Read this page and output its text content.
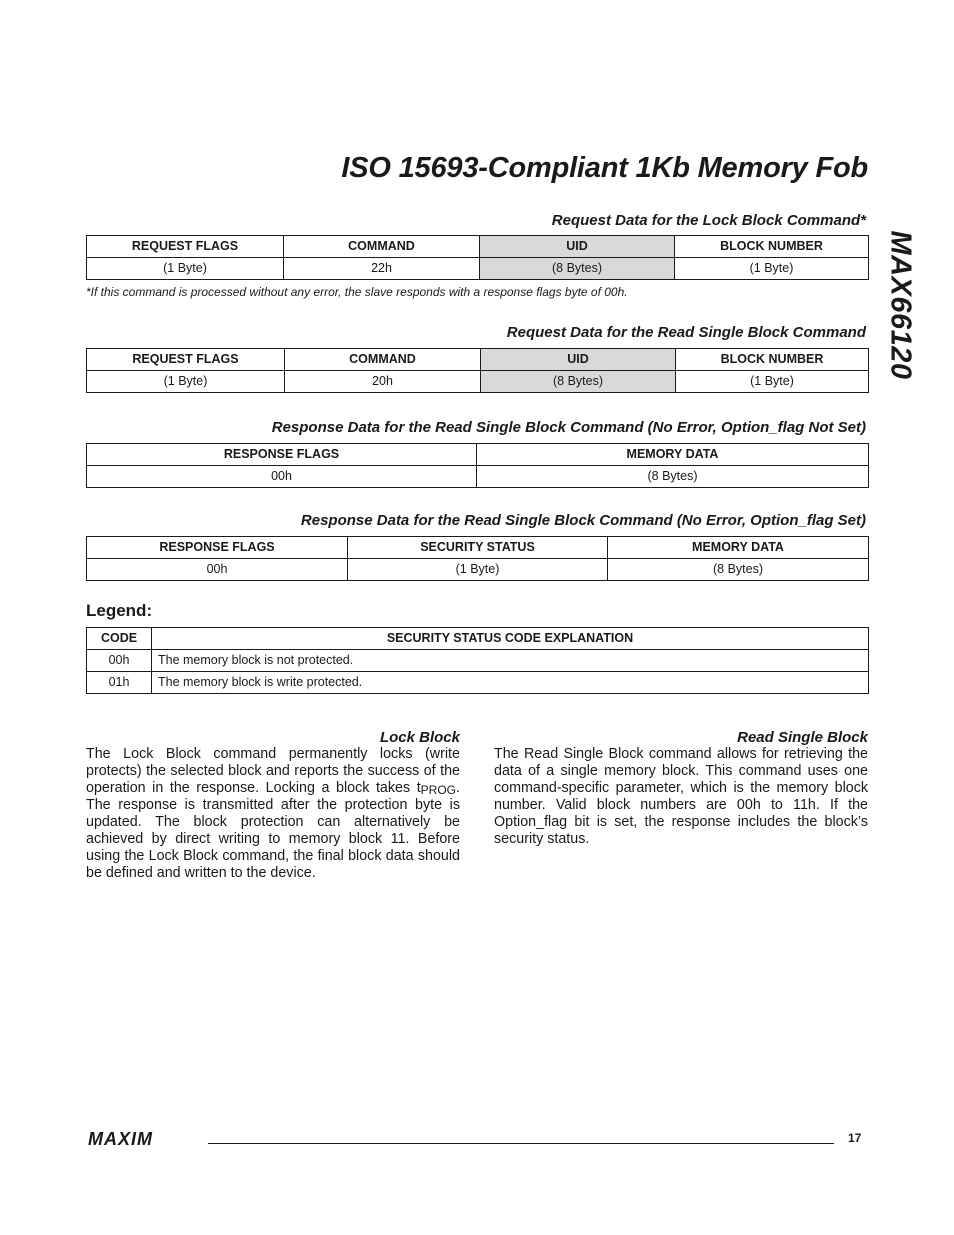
ISO 15693-Compliant 1Kb Memory Fob
MAX66120
Request Data for the Lock Block Command*
REQUEST FLAGS	COMMAND	UID	BLOCK NUMBER
(1 Byte)	22h	(8 Bytes)	(1 Byte)
*If this command is processed without any error, the slave responds with a response flags byte of 00h.
Request Data for the Read Single Block Command
REQUEST FLAGS	COMMAND	UID	BLOCK NUMBER
(1 Byte)	20h	(8 Bytes)	(1 Byte)
Response Data for the Read Single Block Command (No Error, Option_flag Not Set)
RESPONSE FLAGS	MEMORY DATA
00h	(8 Bytes)
Response Data for the Read Single Block Command (No Error, Option_flag Set)
RESPONSE FLAGS	SECURITY STATUS	MEMORY DATA
00h	(1 Byte)	(8 Bytes)
Legend:
CODE	SECURITY STATUS CODE EXPLANATION
00h	The memory block is not protected.
01h	The memory block is write protected.
Lock Block
The Lock Block command permanently locks (write protects) the selected block and reports the success of the operation in the response. Locking a block takes $t_{PROG}$. The response is transmitted after the protection byte is updated. The block protection can alternatively be achieved by direct writing to memory block 11. Before using the Lock Block command, the final block data should be defined and written to the device.
Read Single Block
The Read Single Block command allows for retrieving the data of a single memory block. This command uses one command-specific parameter, which is the memory block number. Valid block numbers are 00h to 11h. If the Option_flag bit is set, the response includes the block’s security status.
MAXIM	17
